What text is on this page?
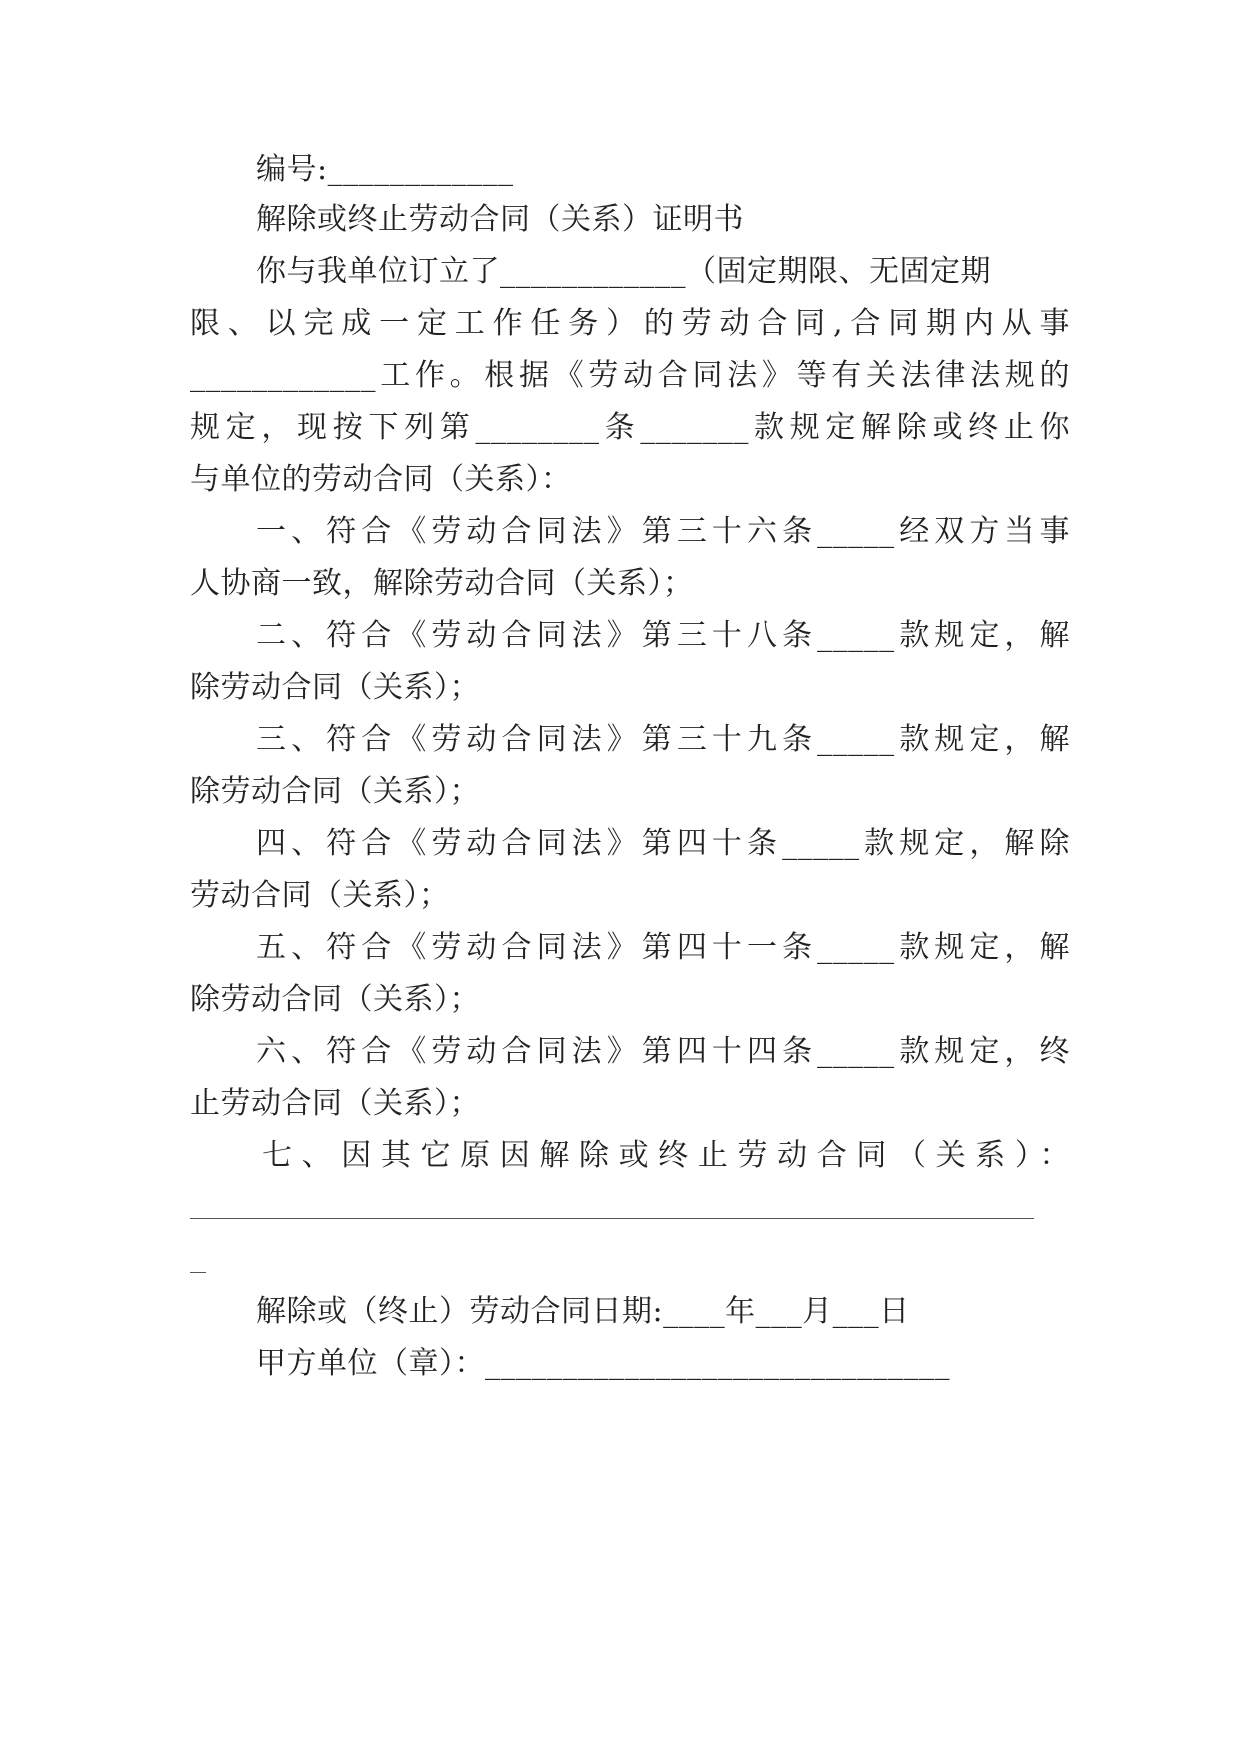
编号:____________
解除或终止劳动合同（关系）证明书
你与我单位订立了____________（固定期限、无固定期
限、以完成一定工作任务）的劳动合同,合同期内从事
____________工作。根据《劳动合同法》等有关法律法规的
规定，现按下列第________条_______款规定解除或终止你
与单位的劳动合同（关系）：
一、符合《劳动合同法》第三十六条_____经双方当事
人协商一致，解除劳动合同（关系）；
二、符合《劳动合同法》第三十八条_____款规定，解
除劳动合同（关系）；
三、符合《劳动合同法》第三十九条_____款规定，解
除劳动合同（关系）；
四、符合《劳动合同法》第四十条_____款规定，解除
劳动合同（关系）；
五、符合《劳动合同法》第四十一条_____款规定，解
除劳动合同（关系）；
六、符合《劳动合同法》第四十四条_____款规定，终
止劳动合同（关系）；
七、因其它原因解除或终止劳动合同（关系）：
解除或（终止）劳动合同日期:____年___月___日
甲方单位（章）：______________________________
